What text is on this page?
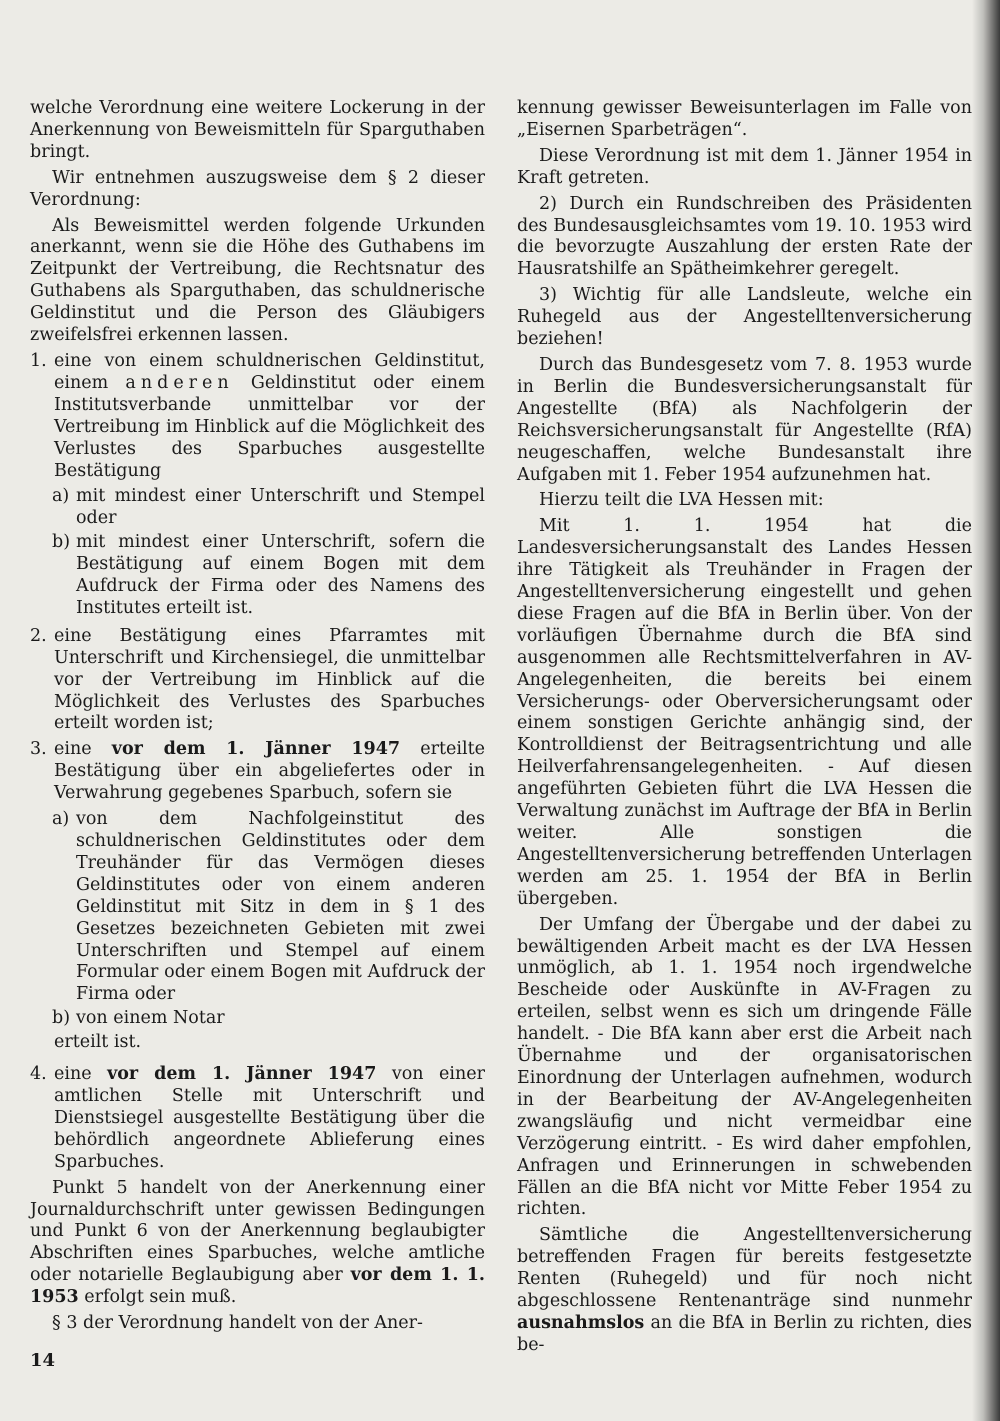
welche Verordnung eine weitere Lockerung in der Anerkennung von Beweismitteln für Sparguthaben bringt.

Wir entnehmen auszugsweise dem § 2 dieser Verordnung:

Als Beweismittel werden folgende Urkunden anerkannt, wenn sie die Höhe des Guthabens im Zeitpunkt der Vertreibung, die Rechtsnatur des Guthabens als Sparguthaben, das schuldnerische Geldinstitut und die Person des Gläubigers zweifelsfrei erkennen lassen.

1. eine von einem schuldnerischen Geldinstitut, einem anderen Geldinstitut oder einem Institutsverbande unmittelbar vor der Vertreibung im Hinblick auf die Möglichkeit des Verlustes des Sparbuches ausgestellte Bestätigung
a) mit mindest einer Unterschrift und Stempel oder
b) mit mindest einer Unterschrift, sofern die Bestätigung auf einem Bogen mit dem Aufdruck der Firma oder des Namens des Institutes erteilt ist.
2. eine Bestätigung eines Pfarramtes mit Unterschrift und Kirchensiegel, die unmittelbar vor der Vertreibung im Hinblick auf die Möglichkeit des Verlustes des Sparbuches erteilt worden ist;
3. eine vor dem 1. Jänner 1947 erteilte Bestätigung über ein abgeliefertes oder in Verwahrung gegebenes Sparbuch, sofern sie
a) von dem Nachfolgeinstitut des schuldnerischen Geldinstitutes oder dem Treuhänder für das Vermögen dieses Geldinstitutes oder von einem anderen Geldinstitut mit Sitz in dem in § 1 des Gesetzes bezeichneten Gebieten mit zwei Unterschriften und Stempel auf einem Formular oder einem Bogen mit Aufdruck der Firma oder
b) von einem Notar
erteilt ist.
4. eine vor dem 1. Jänner 1947 von einer amtlichen Stelle mit Unterschrift und Dienstsiegel ausgestellte Bestätigung über die behördlich angeordnete Ablieferung eines Sparbuches.

Punkt 5 handelt von der Anerkennung einer Journaldurchschrift unter gewissen Bedingungen und Punkt 6 von der Anerkennung beglaubigter Abschriften eines Sparbuches, welche amtliche oder notarielle Beglaubigung aber vor dem 1. 1. 1953 erfolgt sein muß.

§ 3 der Verordnung handelt von der Aner-

kennung gewisser Beweisunterlagen im Falle von „Eisernen Sparbeträgen“.

Diese Verordnung ist mit dem 1. Jänner 1954 in Kraft getreten.

2) Durch ein Rundschreiben des Präsidenten des Bundesausgleichsamtes vom 19. 10. 1953 wird die bevorzugte Auszahlung der ersten Rate der Hausratshilfe an Spätheimkehrer geregelt.

3) Wichtig für alle Landsleute, welche ein Ruhegeld aus der Angestelltenversicherung beziehen!

Durch das Bundesgesetz vom 7. 8. 1953 wurde in Berlin die Bundesversicherungsanstalt für Angestellte (BfA) als Nachfolgerin der Reichsversicherungsanstalt für Angestellte (RfA) neugeschaffen, welche Bundesanstalt ihre Aufgaben mit 1. Feber 1954 aufzunehmen hat.

Hierzu teilt die LVA Hessen mit:

Mit 1. 1. 1954 hat die Landesversicherungsanstalt des Landes Hessen ihre Tätigkeit als Treuhänder in Fragen der Angestelltenversicherung eingestellt und gehen diese Fragen auf die BfA in Berlin über. Von der vorläufigen Übernahme durch die BfA sind ausgenommen alle Rechtsmittelverfahren in AV-Angelegenheiten, die bereits bei einem Versicherungs- oder Oberversicherungsamt oder einem sonstigen Gerichte anhängig sind, der Kontrolldienst der Beitragsentrichtung und alle Heilverfahrensangelegenheiten. - Auf diesen angeführten Gebieten führt die LVA Hessen die Verwaltung zunächst im Auftrage der BfA in Berlin weiter. Alle sonstigen die Angestelltenversicherung betreffenden Unterlagen werden am 25. 1. 1954 der BfA in Berlin übergeben.

Der Umfang der Übergabe und der dabei zu bewältigenden Arbeit macht es der LVA Hessen unmöglich, ab 1. 1. 1954 noch irgendwelche Bescheide oder Auskünfte in AV-Fragen zu erteilen, selbst wenn es sich um dringende Fälle handelt. - Die BfA kann aber erst die Arbeit nach Übernahme und der organisatorischen Einordnung der Unterlagen aufnehmen, wodurch in der Bearbeitung der AV-Angelegenheiten zwangsläufig und nicht vermeidbar eine Verzögerung eintritt. - Es wird daher empfohlen, Anfragen und Erinnerungen in schwebenden Fällen an die BfA nicht vor Mitte Feber 1954 zu richten.

Sämtliche die Angestelltenversicherung betreffenden Fragen für bereits festgesetzte Renten (Ruhegeld) und für noch nicht abgeschlossene Rentenanträge sind nunmehr ausnahmslos an die BfA in Berlin zu richten, dies be-

14
